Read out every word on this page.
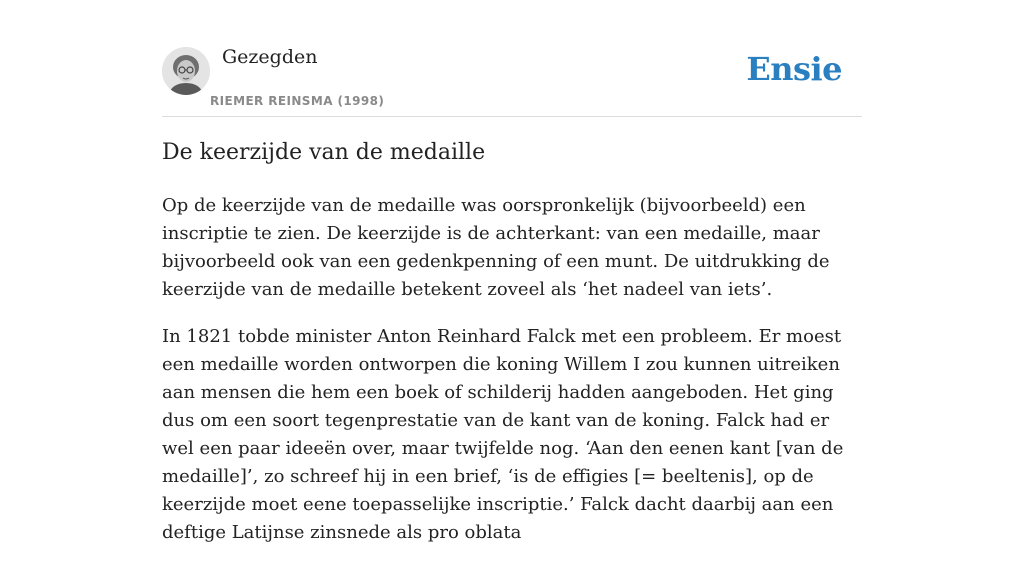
Gezegden
RIEMER REINSMA (1998)
Ensie
De keerzijde van de medaille

Op de keerzijde van de medaille was oorspronkelijk (bijvoorbeeld) een inscriptie te zien. De keerzijde is de achterkant: van een medaille, maar bijvoorbeeld ook van een gedenkpenning of een munt. De uitdrukking de keerzijde van de medaille betekent zoveel als ‘het nadeel van iets’.

In 1821 tobde minister Anton Reinhard Falck met een probleem. Er moest een medaille worden ontworpen die koning Willem I zou kunnen uitreiken aan mensen die hem een boek of schilderij hadden aangeboden. Het ging dus om een soort tegenprestatie van de kant van de koning. Falck had er wel een paar ideeën over, maar twijfelde nog. ‘Aan den eenen kant [van de medaille]’, zo schreef hij in een brief, ‘is de effigies [= beeltenis], op de keerzijde moet eene toepasselijke inscriptie.’ Falck dacht daarbij aan een deftige Latijnse zinsnede als pro oblata
